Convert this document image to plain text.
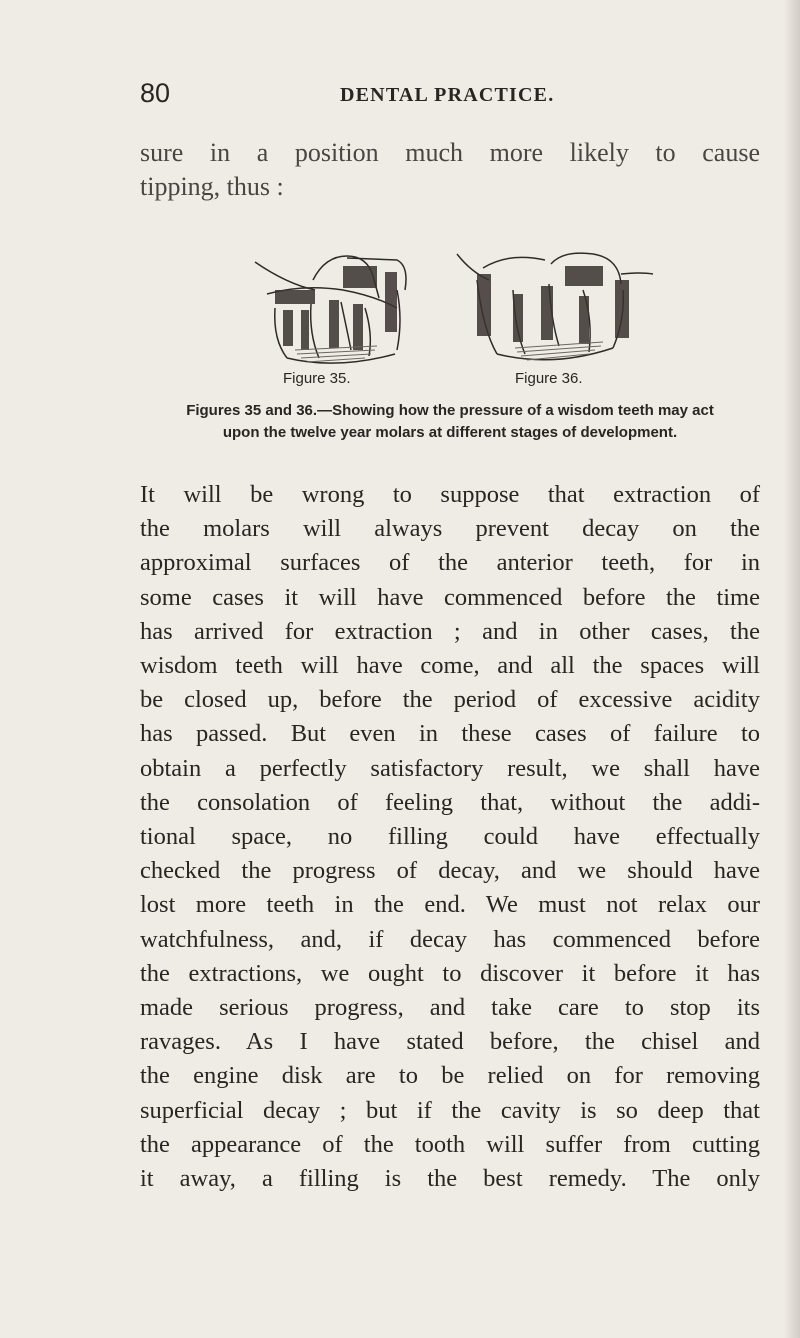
80	DENTAL PRACTICE.
sure in a position much more likely to cause
tipping, thus :
Figure 35.	Figure 36.
Figures 35 and 36.—Showing how the pressure of a wisdom teeth may act
upon the twelve year molars at different stages of development.
It will be wrong to suppose that extraction of
the molars will always prevent decay on the
approximal surfaces of the anterior teeth, for in
some cases it will have commenced before the time
has arrived for extraction ; and in other cases, the
wisdom teeth will have come, and all the spaces will
be closed up, before the period of excessive acidity
has passed. But even in these cases of failure to
obtain a perfectly satisfactory result, we shall have
the consolation of feeling that, without the addi-
tional space, no filling could have effectually
checked the progress of decay, and we should have
lost more teeth in the end. We must not relax our
watchfulness, and, if decay has commenced before
the extractions, we ought to discover it before it has
made serious progress, and take care to stop its
ravages. As I have stated before, the chisel and
the engine disk are to be relied on for removing
superficial decay ; but if the cavity is so deep that
the appearance of the tooth will suffer from cutting
it away, a filling is the best remedy. The only
